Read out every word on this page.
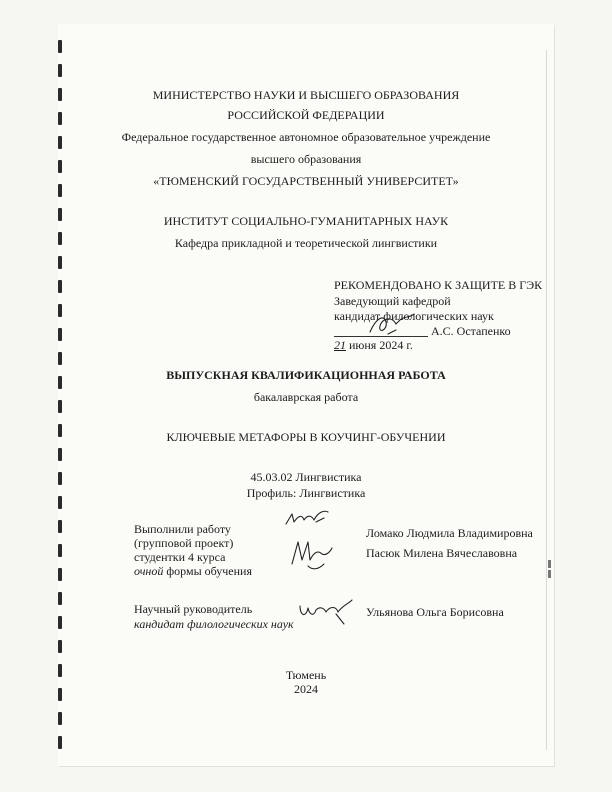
МИНИСТЕРСТВО НАУКИ И ВЫСШЕГО ОБРАЗОВАНИЯ
РОССИЙСКОЙ ФЕДЕРАЦИИ
Федеральное государственное автономное образовательное учреждение
высшего образования
«ТЮМЕНСКИЙ ГОСУДАРСТВЕННЫЙ УНИВЕРСИТЕТ»
ИНСТИТУТ СОЦИАЛЬНО-ГУМАНИТАРНЫХ НАУК
Кафедра прикладной и теоретической лингвистики
РЕКОМЕНДОВАНО К ЗАЩИТЕ В ГЭК
Заведующий кафедрой
кандидат филологических наук
А.С. Остапенко
21 июня 2024 г.
ВЫПУСКНАЯ КВАЛИФИКАЦИОННАЯ РАБОТА
бакалаврская работа
КЛЮЧЕВЫЕ МЕТАФОРЫ В КОУЧИНГ-ОБУЧЕНИИ
45.03.02 Лингвистика
Профиль: Лингвистика
Выполнили работу
(групповой проект)
студентки 4 курса
очной формы обучения
Ломако Людмила Владимировна
Пасюк Милена Вячеславовна
Научный руководитель
кандидат филологических наук
Ульянова Ольга Борисовна
Тюмень
2024
